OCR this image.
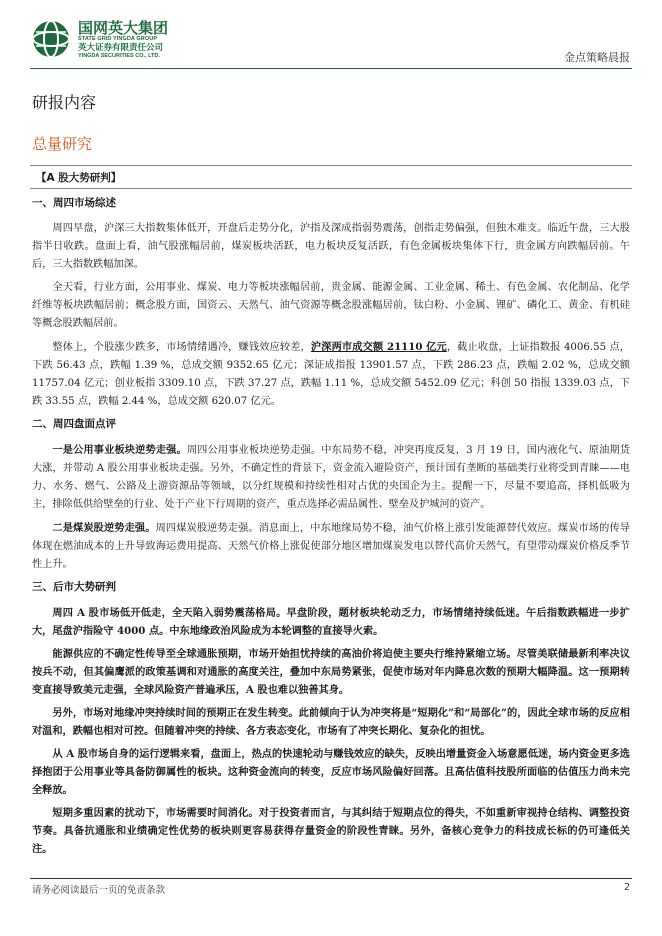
国网英大集团
STATE GRID YINGDA GROUP
英大证券有限责任公司
YINGDA SECURITIES CO., LTD.	金点策略晨报
研报内容
总量研究
【A 股大势研判】
一、周四市场综述

周四早盘，沪深三大指数集体低开，开盘后走势分化，沪指及深成指弱势震荡，创指走势偏强，但独木难支。临近午盘，三大股指半日收跌。盘面上看，油气股涨幅居前，煤炭板块活跃，电力板块反复活跃，有色金属板块集体下行，贵金属方向跌幅居前。午后，三大指数跌幅加深。

全天看，行业方面，公用事业、煤炭、电力等板块涨幅居前，贵金属、能源金属、工业金属、稀土、有色金属、农化制品、化学纤维等板块跌幅居前；概念股方面，国资云、天然气、油气资源等概念股涨幅居前，钛白粉、小金属、锂矿、磷化工、黄金、有机硅等概念股跌幅居前。

整体上，个股涨少跌多，市场情绪遇冷，赚钱效应较差，沪深两市成交额 21110 亿元，截止收盘，上证指数报 4006.55 点，下跌 56.43 点，跌幅 1.39 %，总成交额 9352.65 亿元；深证成指报 13901.57 点，下跌 286.23 点，跌幅 2.02 %，总成交额 11757.04 亿元；创业板指 3309.10 点，下跌 37.27 点，跌幅 1.11 %，总成交额 5452.09 亿元；科创 50 指报 1339.03 点，下跌 33.55 点，跌幅 2.44 %，总成交额 620.07 亿元。

二、周四盘面点评

一是公用事业板块逆势走强。周四公用事业板块逆势走强。中东局势不稳，冲突再度反复，3 月 19 日，国内液化气、原油期货大涨，并带动 A 股公用事业板块走强。另外，不确定性的背景下，资金流入避险资产，预计国有垄断的基础类行业将受到青睐——电力、水务、燃气、公路及上游资源品等领域，以分红规模和持续性相对占优的央国企为主。提醒一下，尽量不要追高，择机低吸为主，排除低供给壁垒的行业、处于产业下行周期的资产，重点选择必需品属性、壁垒及护城河的资产。

二是煤炭股逆势走强。周四煤炭股逆势走强。消息面上，中东地缘局势不稳，油气价格上涨引发能源替代效应。煤炭市场的传导体现在燃油成本的上升导致海运费用提高、天然气价格上涨促使部分地区增加煤炭发电以替代高价天然气，有望带动煤炭价格反季节性上升。

三、后市大势研判

周四 A 股市场低开低走，全天陷入弱势震荡格局。早盘阶段，题材板块轮动乏力，市场情绪持续低迷。午后指数跌幅进一步扩大，尾盘沪指险守 4000 点。中东地缘政治风险成为本轮调整的直接导火索。

能源供应的不确定性传导至全球通胀预期，市场开始担忧持续的高油价将迫使主要央行维持紧缩立场。尽管美联储最新利率决议按兵不动，但其偏鹰派的政策基调和对通胀的高度关注，叠加中东局势紧张，促使市场对年内降息次数的预期大幅降温。这一预期转变直接导致美元走强，全球风险资产普遍承压，A 股也难以独善其身。

另外，市场对地缘冲突持续时间的预期正在发生转变。此前倾向于认为冲突将是“短期化”和“局部化”的，因此全球市场的反应相对温和，跌幅也相对可控。但随着冲突的持续、各方表态变化，市场有了冲突长期化、复杂化的担忧。

从 A 股市场自身的运行逻辑来看，盘面上，热点的快速轮动与赚钱效应的缺失，反映出增量资金入场意愿低迷，场内资金更多选择抱团于公用事业等具备防御属性的板块。这种资金流向的转变，反应市场风险偏好回落。且高估值科技股所面临的估值压力尚未完全释放。

短期多重因素的扰动下，市场需要时间消化。对于投资者而言，与其纠结于短期点位的得失，不如重新审视持仓结构、调整投资节奏。具备抗通胀和业绩确定性优势的板块则更容易获得存量资金的阶段性青睐。另外，备核心竞争力的科技成长标的仍可逢低关注。

请务必阅读最后一页的免责条款	2
